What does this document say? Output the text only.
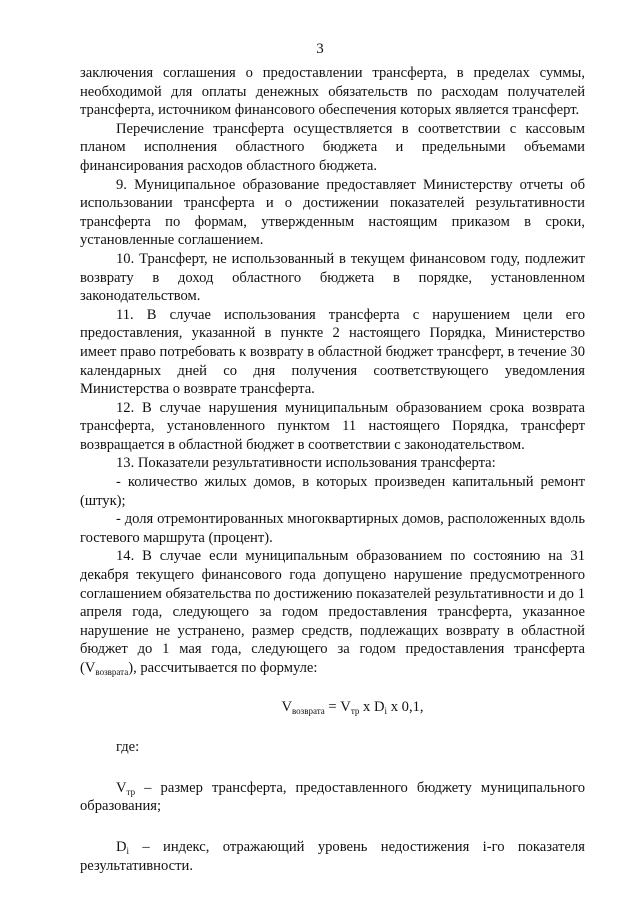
3

заключения соглашения о предоставлении трансферта, в пределах суммы, необходимой для оплаты денежных обязательств по расходам получателей трансферта, источником финансового обеспечения которых является трансферт.

Перечисление трансферта осуществляется в соответствии с кассовым планом исполнения областного бюджета и предельными объемами финансирования расходов областного бюджета.

9. Муниципальное образование предоставляет Министерству отчеты об использовании трансферта и о достижении показателей результативности трансферта по формам, утвержденным настоящим приказом в сроки, установленные соглашением.

10. Трансферт, не использованный в текущем финансовом году, подлежит возврату в доход областного бюджета в порядке, установленном законодательством.

11. В случае использования трансферта с нарушением цели его предоставления, указанной в пункте 2 настоящего Порядка, Министерство имеет право потребовать к возврату в областной бюджет трансферт, в течение 30 календарных дней со дня получения соответствующего уведомления Министерства о возврате трансферта.

12. В случае нарушения муниципальным образованием срока возврата трансферта, установленного пунктом 11 настоящего Порядка, трансферт возвращается в областной бюджет в соответствии с законодательством.

13. Показатели результативности использования трансферта:

- количество жилых домов, в которых произведен капитальный ремонт (штук);

- доля отремонтированных многоквартирных домов, расположенных вдоль гостевого маршрута (процент).

14. В случае если муниципальным образованием по состоянию на 31 декабря текущего финансового года допущено нарушение предусмотренного соглашением обязательства по достижению показателей результативности и до 1 апреля года, следующего за годом предоставления трансферта, указанное нарушение не устранено, размер средств, подлежащих возврату в областной бюджет до 1 мая года, следующего за годом предоставления трансферта $(V_{возврата})$, рассчитывается по формуле:

$V_{возврата} = V_{тр}$ x $D_i$ x 0,1,

где:

$V_{тр}$ – размер трансферта, предоставленного бюджету муниципального образования;

$D_i$ – индекс, отражающий уровень недостижения i-го показателя результативности.
